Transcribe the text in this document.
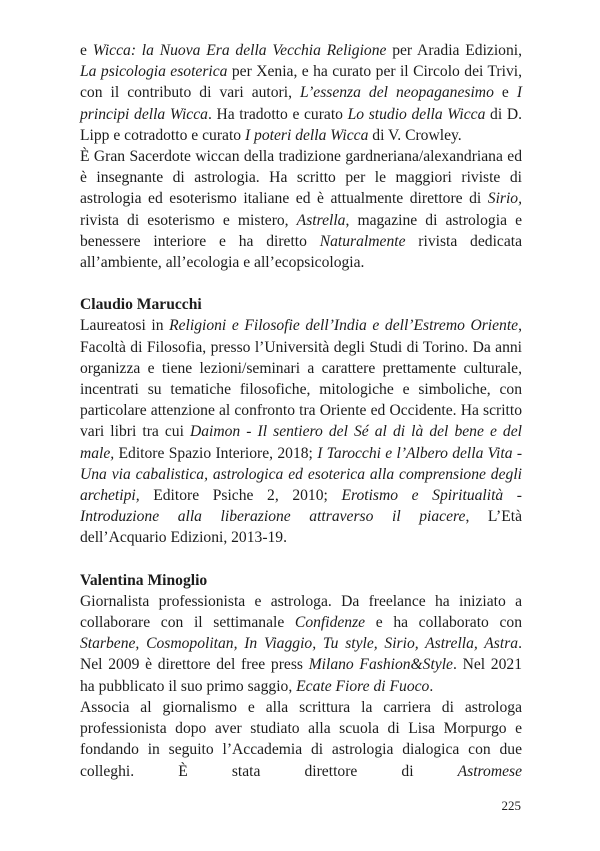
e Wicca: la Nuova Era della Vecchia Religione per Aradia Edizioni, La psicologia esoterica per Xenia, e ha curato per il Circolo dei Trivi, con il contributo di vari autori, L’essenza del neopaganesimo e I principi della Wicca. Ha tradotto e curato Lo studio della Wicca di D. Lipp e cotradotto e curato I poteri della Wicca di V. Crowley.

È Gran Sacerdote wiccan della tradizione gardneriana/alexandriana ed è insegnante di astrologia. Ha scritto per le maggiori riviste di astrologia ed esoterismo italiane ed è attualmente direttore di Sirio, rivista di esoterismo e mistero, Astrella, magazine di astrologia e benessere interiore e ha diretto Naturalmente rivista dedicata all’ambiente, all’ecologia e all’ecopsicologia.

Claudio Marucchi

Laureatosi in Religioni e Filosofie dell’India e dell’Estremo Oriente, Facoltà di Filosofia, presso l’Università degli Studi di Torino. Da anni organizza e tiene lezioni/seminari a carattere prettamente culturale, incentrati su tematiche filosofiche, mitologiche e simboliche, con particolare attenzione al confronto tra Oriente ed Occidente. Ha scritto vari libri tra cui Daimon - Il sentiero del Sé al di là del bene e del male, Editore Spazio Interiore, 2018; I Tarocchi e l’Albero della Vita - Una via cabalistica, astrologica ed esoterica alla comprensione degli archetipi, Editore Psiche 2, 2010; Erotismo e Spiritualità - Introduzione alla liberazione attraverso il piacere, L’Età dell’Acquario Edizioni, 2013-19.

Valentina Minoglio

Giornalista professionista e astrologa. Da freelance ha iniziato a collaborare con il settimanale Confidenze e ha collaborato con Starbene, Cosmopolitan, In Viaggio, Tu style, Sirio, Astrella, Astra. Nel 2009 è direttore del free press Milano Fashion&Style. Nel 2021 ha pubblicato il suo primo saggio, Ecate Fiore di Fuoco.

Associa al giornalismo e alla scrittura la carriera di astrologa professionista dopo aver studiato alla scuola di Lisa Morpurgo e fondando in seguito l’Accademia di astrologia dialogica con due colleghi. È stata direttore di Astromese

225
